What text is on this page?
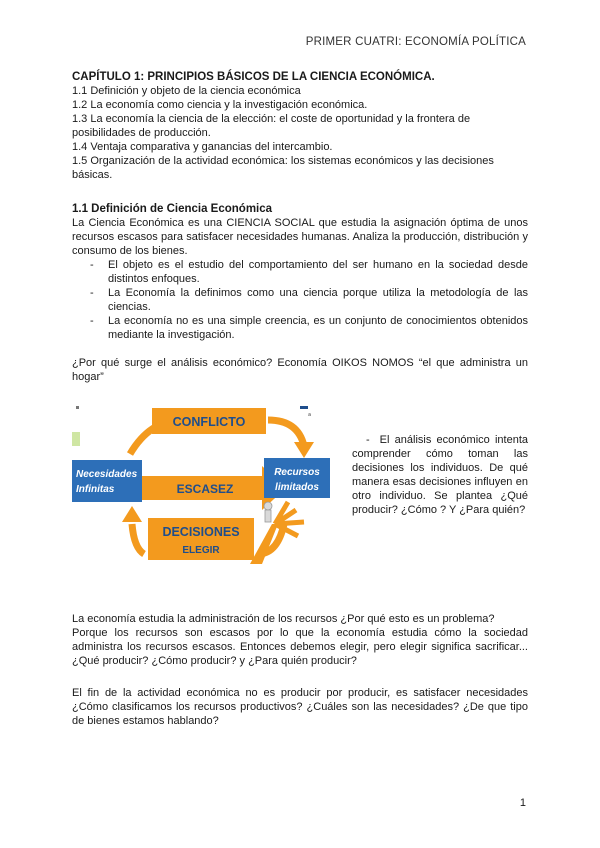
PRIMER CUATRI: ECONOMÍA POLÍTICA

CAPÍTULO 1: PRINCIPIOS BÁSICOS DE LA CIENCIA ECONÓMICA.

1.1 Definición y objeto de la ciencia económica

1.2 La economía como ciencia y la investigación económica.

1.3 La economía la ciencia de la elección: el coste de oportunidad y la frontera de posibilidades de producción.

1.4 Ventaja comparativa y ganancias del intercambio.

1.5 Organización de la actividad económica: los sistemas económicos y las decisiones básicas.

1.1 Definición de Ciencia Económica

La Ciencia Económica es una CIENCIA SOCIAL que estudia la asignación óptima de unos recursos escasos para satisfacer necesidades humanas. Analiza la producción, distribución y consumo de los bienes.

- El objeto es el estudio del comportamiento del ser humano en la sociedad desde distintos enfoques.
- La Economía la definimos como una ciencia porque utiliza la metodología de las ciencias.
- La economía no es una simple creencia, es un conjunto de conocimientos obtenidos mediante la investigación.

¿Por qué surge el análisis económico? Economía OIKOS NOMOS “el que administra un hogar”

a
CONFLICTO
Necesidades
Infinitas	ESCASEZ
Recursos
limitados
DECISIONES
ELEGIR
- El análisis económico intenta comprender cómo toman las decisiones los individuos. De qué manera esas decisiones influyen en otro individuo. Se plantea ¿Qué producir? ¿Cómo ? Y ¿Para quién?

La economía estudia la administración de los recursos ¿Por qué esto es un problema?

Porque los recursos son escasos por lo que la economía estudia cómo la sociedad administra los recursos escasos. Entonces debemos elegir, pero elegir significa sacrificar... ¿Qué producir? ¿Cómo producir? y ¿Para quién producir?

El fin de la actividad económica no es producir por producir, es satisfacer necesidades ¿Cómo clasificamos los recursos productivos? ¿Cuáles son las necesidades? ¿De que tipo de bienes estamos hablando?

1
